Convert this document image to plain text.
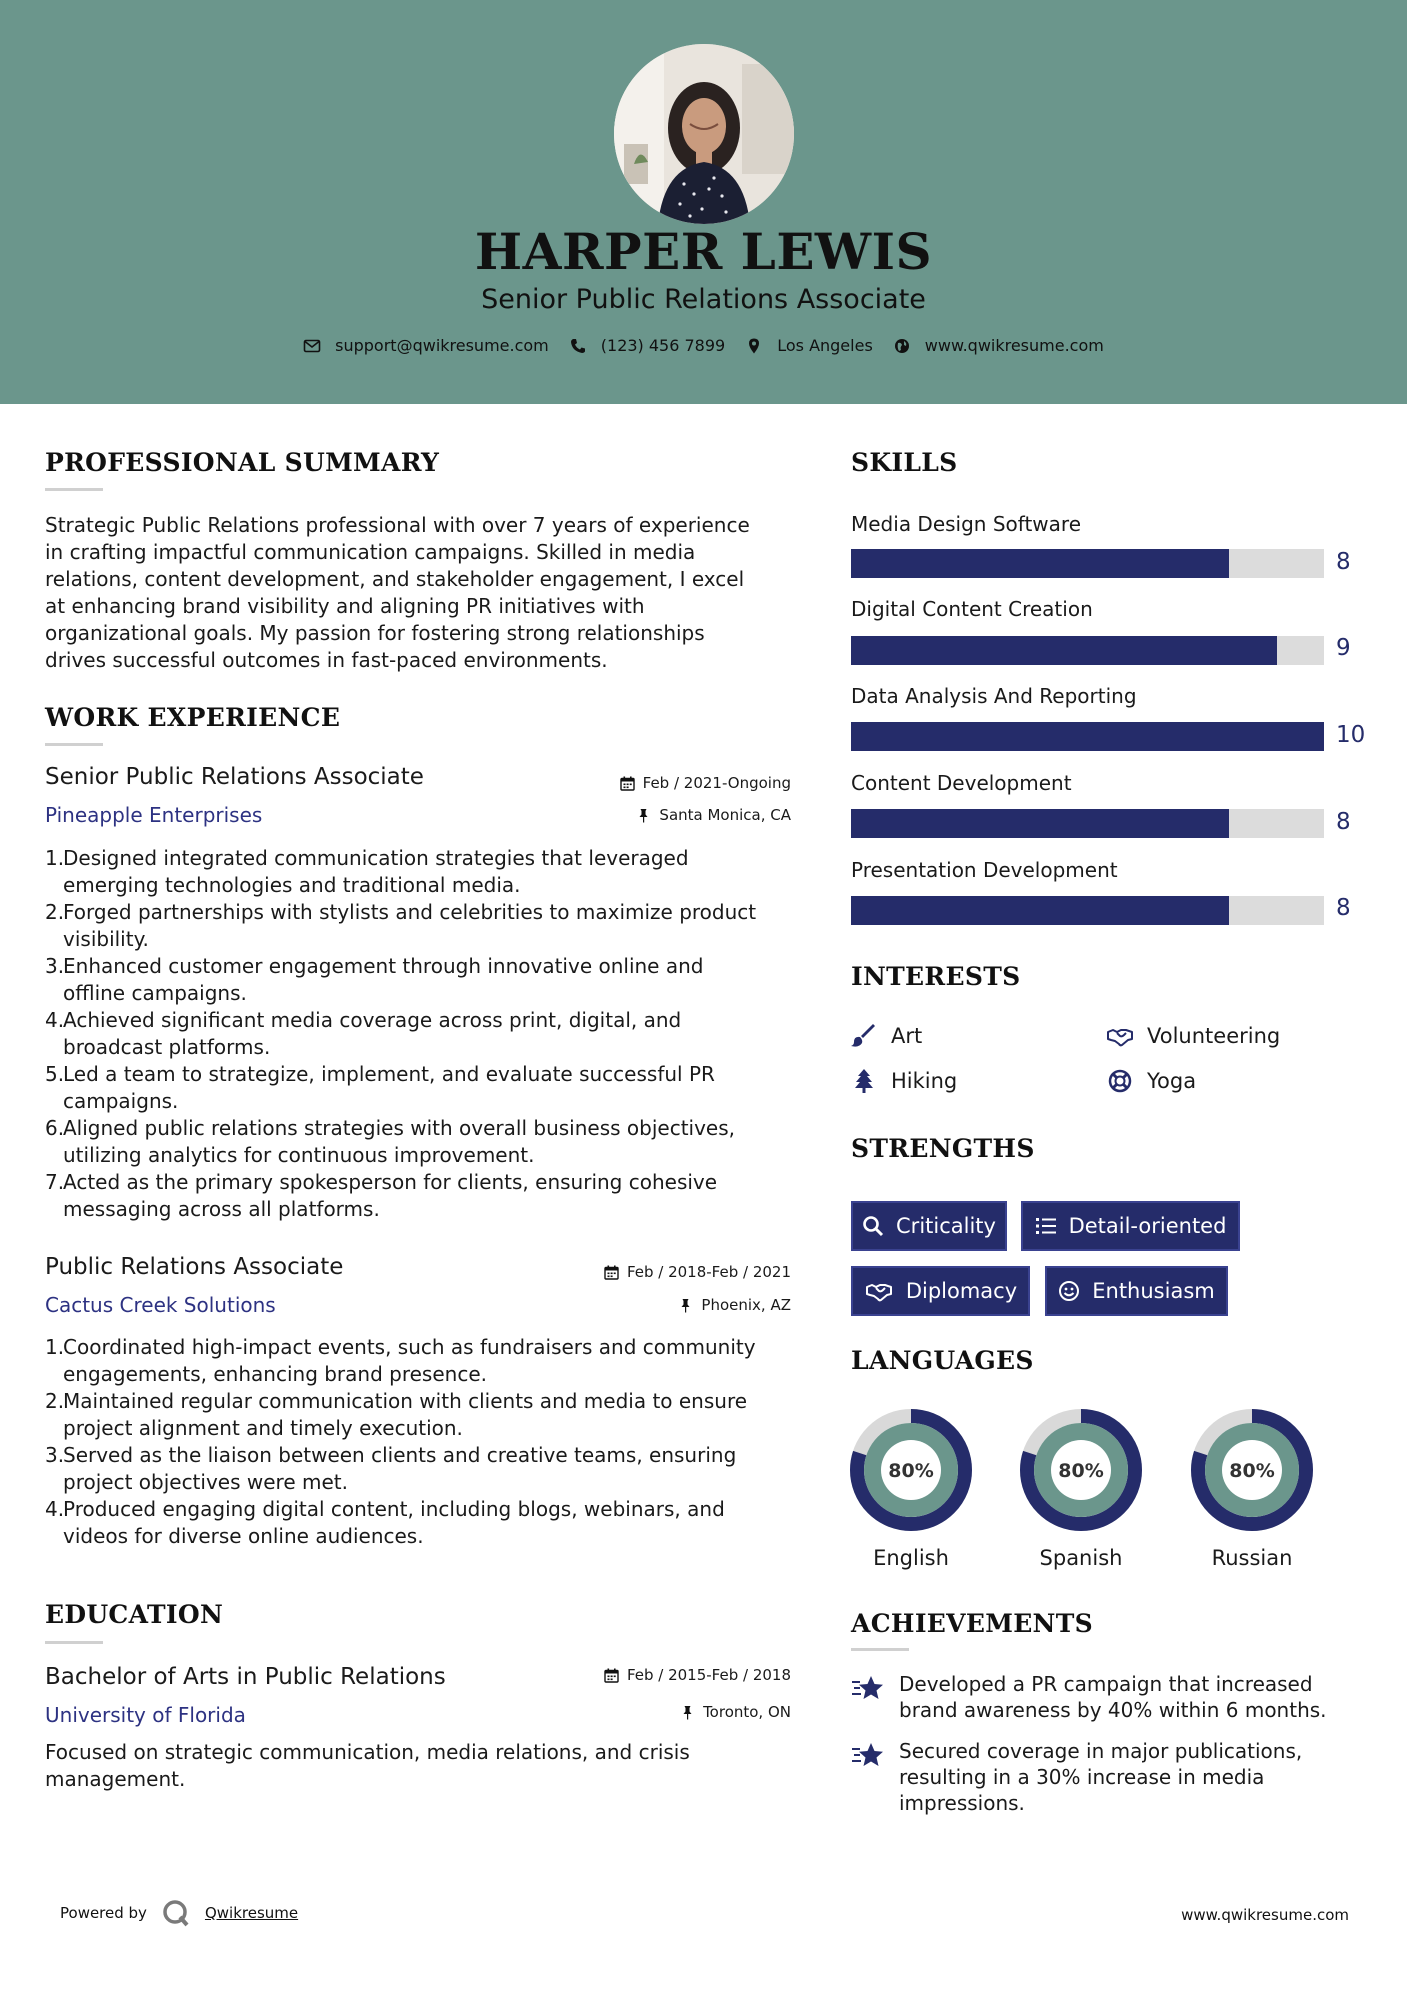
HARPER LEWIS
Senior Public Relations Associate
support@qwikresume.com	(123) 456 7899	Los Angeles	www.qwikresume.com
PROFESSIONAL SUMMARY
Strategic Public Relations professional with over 7 years of experience
in crafting impactful communication campaigns. Skilled in media
relations, content development, and stakeholder engagement, I excel
at enhancing brand visibility and aligning PR initiatives with
organizational goals. My passion for fostering strong relationships
drives successful outcomes in fast-paced environments.
WORK EXPERIENCE
Senior Public Relations Associate	Feb / 2021-Ongoing
Pineapple Enterprises	Santa Monica, CA
1.
Designed integrated communication strategies that leveraged
emerging technologies and traditional media.
2.
Forged partnerships with stylists and celebrities to maximize product
visibility.
3.
Enhanced customer engagement through innovative online and
offline campaigns.
4.
Achieved significant media coverage across print, digital, and
broadcast platforms.
5.
Led a team to strategize, implement, and evaluate successful PR
campaigns.
6.
Aligned public relations strategies with overall business objectives,
utilizing analytics for continuous improvement.
7.
Acted as the primary spokesperson for clients, ensuring cohesive
messaging across all platforms.
Public Relations Associate	Feb / 2018-Feb / 2021
Cactus Creek Solutions	Phoenix, AZ
1.
Coordinated high-impact events, such as fundraisers and community
engagements, enhancing brand presence.
2.
Maintained regular communication with clients and media to ensure
project alignment and timely execution.
3.
Served as the liaison between clients and creative teams, ensuring
project objectives were met.
4.
Produced engaging digital content, including blogs, webinars, and
videos for diverse online audiences.
EDUCATION
Bachelor of Arts in Public Relations	Feb / 2015-Feb / 2018
University of Florida	Toronto, ON
Focused on strategic communication, media relations, and crisis
management.
SKILLS
Media Design Software
8
Digital Content Creation
9
Data Analysis And Reporting
10
Content Development
8
Presentation Development
8
INTERESTS
Art	Volunteering
Hiking	Yoga
STRENGTHS
Criticality	Detail-oriented
Diplomacy	Enthusiasm
LANGUAGES
80%
English
80%
Spanish
80%
Russian
ACHIEVEMENTS
Developed a PR campaign that increased
brand awareness by 40% within 6 months.
Secured coverage in major publications,
resulting in a 30% increase in media
impressions.
Powered by	Qwikresume	www.qwikresume.com
